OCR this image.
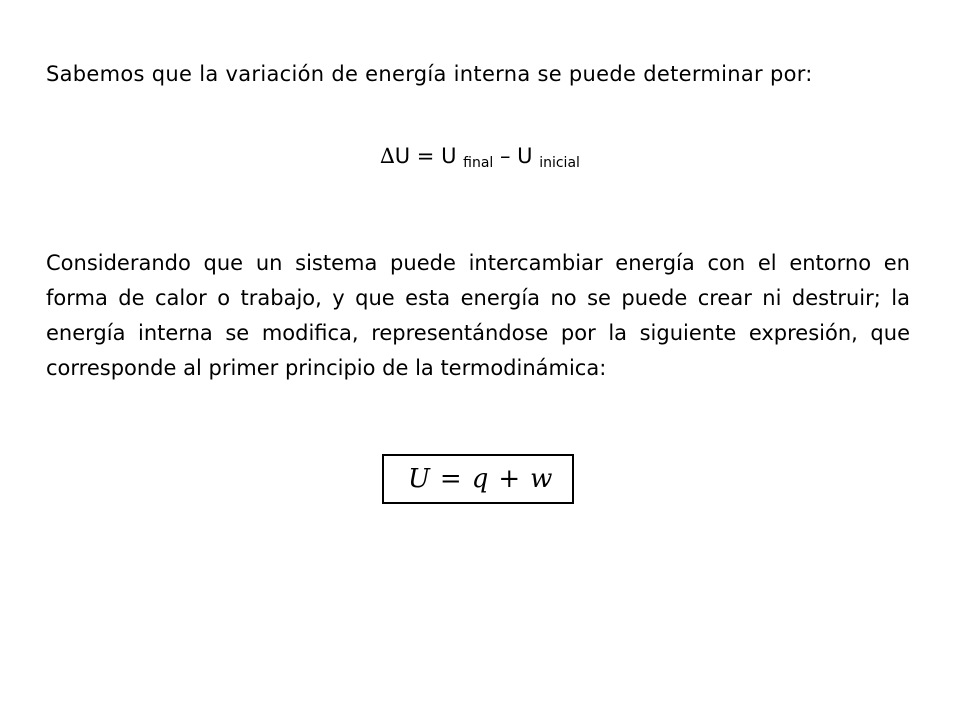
Sabemos que la variación de energía interna se puede determinar por:
∆U = U $_{final}$ – U $_{inicial}$
Considerando que un sistema puede intercambiar energía con el entorno en forma de calor o trabajo, y que esta energía no se puede crear ni destruir; la energía interna se modifica, representándose por la siguiente expresión, que corresponde al primer principio de la termodinámica:
U = q + w
